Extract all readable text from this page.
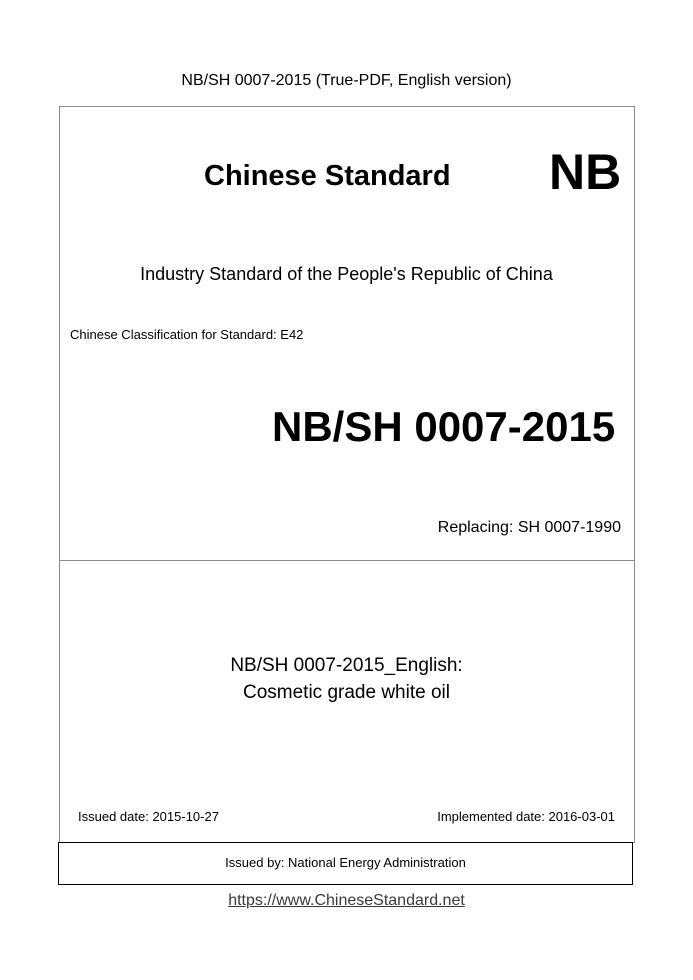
NB/SH 0007-2015 (True-PDF, English version)
Chinese Standard NB
Industry Standard of the People's Republic of China
Chinese Classification for Standard: E42
NB/SH 0007-2015
Replacing: SH 0007-1990
NB/SH 0007-2015_English:
Cosmetic grade white oil
Issued date: 2015-10-27	Implemented date: 2016-03-01
Issued by: National Energy Administration
https://www.ChineseStandard.net
